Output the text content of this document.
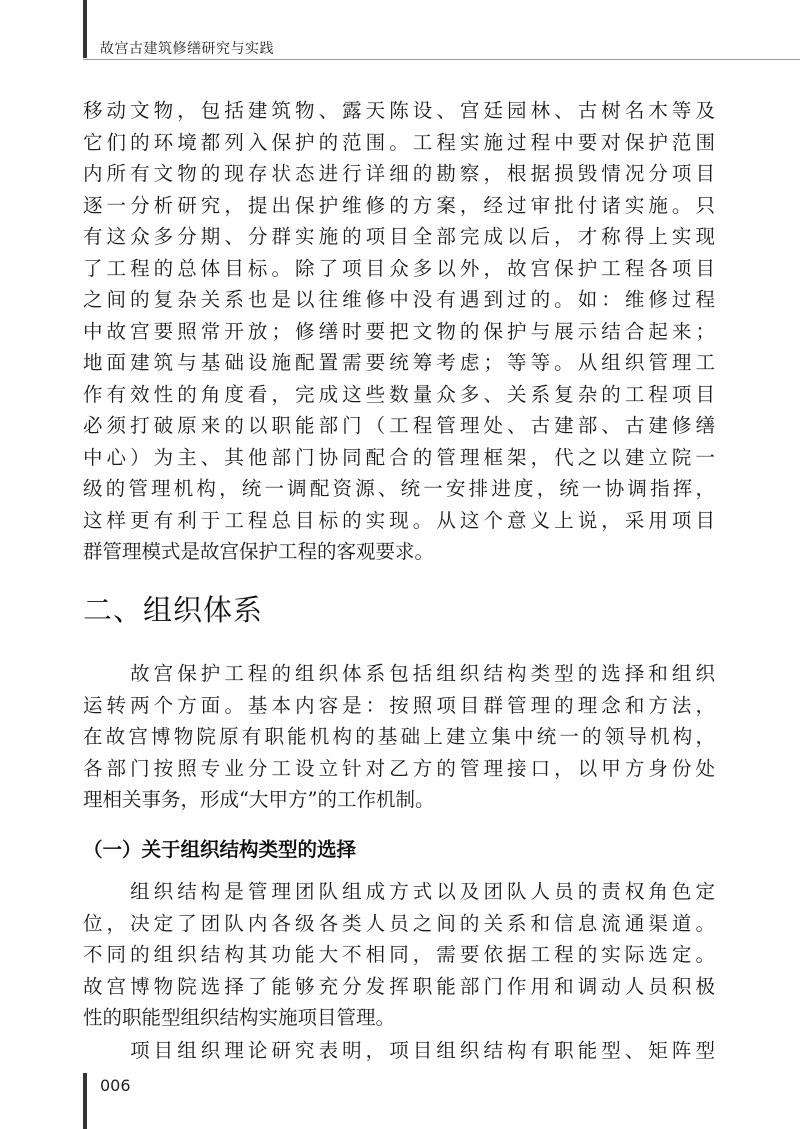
故宫古建筑修缮研究与实践
移动文物，包括建筑物、露天陈设、宫廷园林、古树名木等及
它们的环境都列入保护的范围。工程实施过程中要对保护范围
内所有文物的现存状态进行详细的勘察，根据损毁情况分项目
逐一分析研究，提出保护维修的方案，经过审批付诸实施。只
有这众多分期、分群实施的项目全部完成以后，才称得上实现
了工程的总体目标。除了项目众多以外，故宫保护工程各项目
之间的复杂关系也是以往维修中没有遇到过的。如：维修过程
中故宫要照常开放；修缮时要把文物的保护与展示结合起来；
地面建筑与基础设施配置需要统筹考虑；等等。从组织管理工
作有效性的角度看，完成这些数量众多、关系复杂的工程项目
必须打破原来的以职能部门（工程管理处、古建部、古建修缮
中心）为主、其他部门协同配合的管理框架，代之以建立院一
级的管理机构，统一调配资源、统一安排进度，统一协调指挥，
这样更有利于工程总目标的实现。从这个意义上说，采用项目
群管理模式是故宫保护工程的客观要求。
二、组织体系
　　故宫保护工程的组织体系包括组织结构类型的选择和组织
运转两个方面。基本内容是：按照项目群管理的理念和方法，
在故宫博物院原有职能机构的基础上建立集中统一的领导机构，
各部门按照专业分工设立针对乙方的管理接口，以甲方身份处
理相关事务，形成“大甲方”的工作机制。
（一）关于组织结构类型的选择
　　组织结构是管理团队组成方式以及团队人员的责权角色定
位，决定了团队内各级各类人员之间的关系和信息流通渠道。
不同的组织结构其功能大不相同，需要依据工程的实际选定。
故宫博物院选择了能够充分发挥职能部门作用和调动人员积极
性的职能型组织结构实施项目管理。
　　项目组织理论研究表明，项目组织结构有职能型、矩阵型
006
